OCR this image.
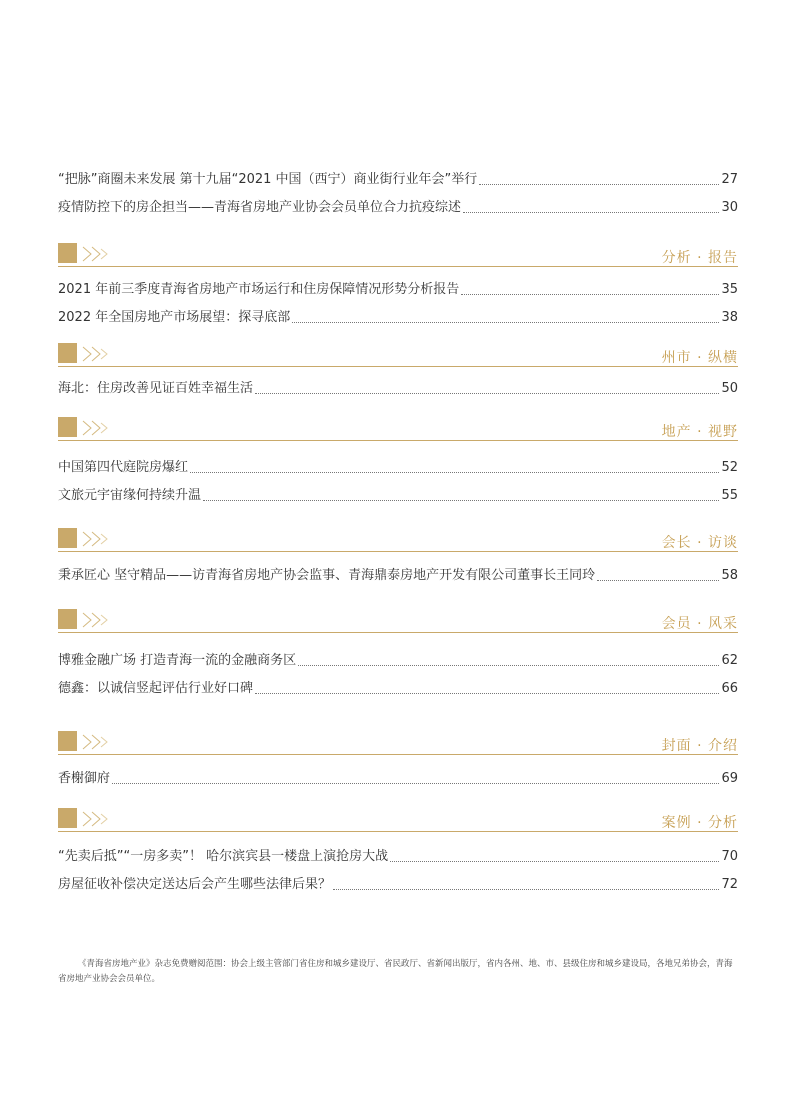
“把脉”商圈未来发展 第十九届“2021 中国（西宁）商业街行业年会”举行	27
疫情防控下的房企担当——青海省房地产业协会会员单位合力抗疫综述	30
分析 · 报告
2021 年前三季度青海省房地产市场运行和住房保障情况形势分析报告	35
2022 年全国房地产市场展望：探寻底部	38
州市 · 纵横
海北：住房改善见证百姓幸福生活	50
地产 · 视野
中国第四代庭院房爆红	52
文旅元宇宙缘何持续升温	55
会长 · 访谈
秉承匠心 坚守精品——访青海省房地产协会监事、青海鼎泰房地产开发有限公司董事长王同玲	58
会员 · 风采
博雅金融广场 打造青海一流的金融商务区	62
德鑫：以诚信竖起评估行业好口碑	66
封面 · 介绍
香榭御府	69
案例 · 分析
“先卖后抵”“一房多卖”！ 哈尔滨宾县一楼盘上演抢房大战	70
房屋征收补偿决定送达后会产生哪些法律后果？	72
《青海省房地产业》杂志免费赠阅范围：协会上级主管部门省住房和城乡建设厅、省民政厅、省新闻出版厅，省内各州、地、市、县级住房和城乡建设局，各地兄弟协会，青海省房地产业协会会员单位。
